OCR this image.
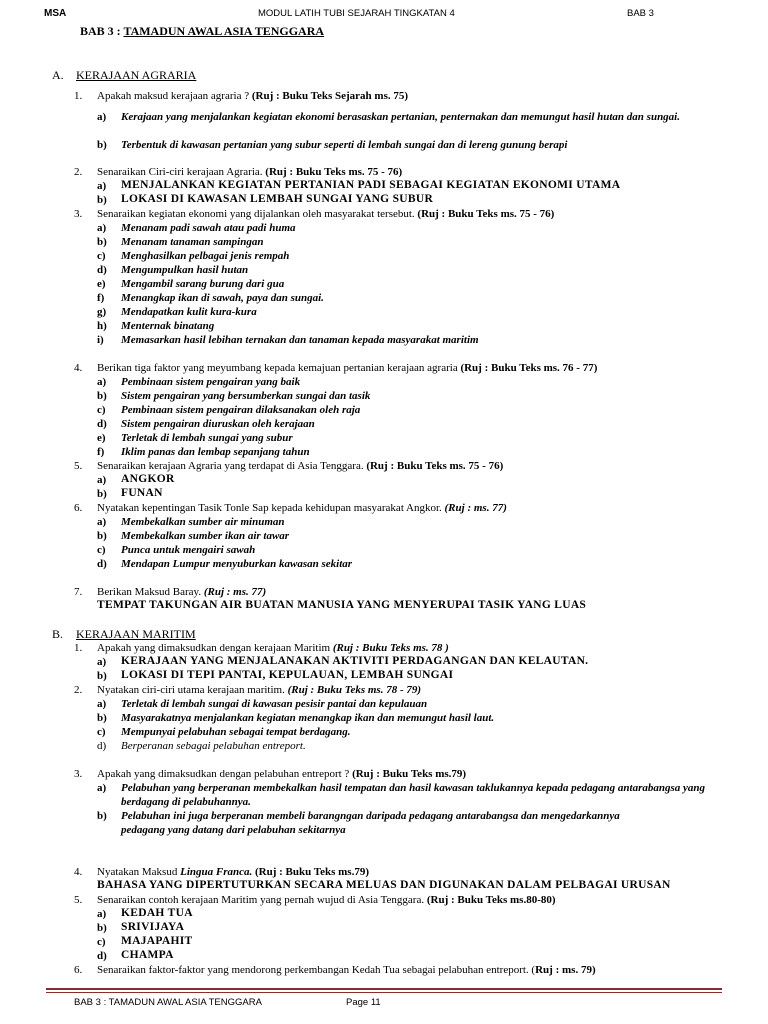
MSA	MODUL LATIH TUBI SEJARAH TINGKATAN 4	BAB 3
BAB 3 : TAMADUN AWAL ASIA TENGGARA
A. KERAJAAN AGRARIA
1. Apakah maksud kerajaan agraria ? (Ruj : Buku Teks Sejarah ms. 75)
a) Kerajaan yang menjalankan kegiatan ekonomi berasaskan pertanian, penternakan dan memungut hasil hutan dan sungai.
b) Terbentuk di kawasan pertanian yang subur seperti di lembah sungai dan di lereng gunung berapi
2. Senaraikan Ciri-ciri kerajaan Agraria. (Ruj : Buku Teks ms. 75 - 76)
a) MENJALANKAN KEGIATAN PERTANIAN PADI SEBAGAI KEGIATAN EKONOMI UTAMA
b) LOKASI DI KAWASAN LEMBAH SUNGAI YANG SUBUR
3. Senaraikan kegiatan ekonomi yang dijalankan oleh masyarakat tersebut. (Ruj : Buku Teks ms. 75 - 76)
a) Menanam padi sawah atau padi huma
b) Menanam tanaman sampingan
c) Menghasilkan pelbagai jenis rempah
d) Mengumpulkan hasil hutan
e) Mengambil sarang burung dari gua
f) Menangkap ikan di sawah, paya dan sungai.
g) Mendapatkan kulit kura-kura
h) Menternak binatang
i) Memasarkan hasil lebihan ternakan dan tanaman kepada masyarakat maritim
4. Berikan tiga faktor yang meyumbang kepada kemajuan pertanian kerajaan agraria (Ruj : Buku Teks ms. 76 - 77)
a) Pembinaan sistem pengairan yang baik
b) Sistem pengairan yang bersumberkan sungai dan tasik
c) Pembinaan sistem pengairan dilaksanakan oleh raja
d) Sistem pengairan diuruskan oleh kerajaan
e) Terletak di lembah sungai yang subur
f) Iklim panas dan lembap sepanjang tahun
5. Senaraikan kerajaan Agraria yang terdapat di Asia Tenggara. (Ruj : Buku Teks ms. 75 - 76)
a) ANGKOR
b) FUNAN
6. Nyatakan kepentingan Tasik Tonle Sap kepada kehidupan masyarakat Angkor. (Ruj : ms. 77)
a) Membekalkan sumber air minuman
b) Membekalkan sumber ikan air tawar
c) Punca untuk mengairi sawah
d) Mendapan Lumpur menyuburkan kawasan sekitar
7. Berikan Maksud Baray. (Ruj : ms. 77)
TEMPAT TAKUNGAN AIR BUATAN MANUSIA YANG MENYERUPAI TASIK YANG LUAS
B. KERAJAAN MARITIM
1. Apakah yang dimaksudkan dengan kerajaan Maritim (Ruj : Buku Teks ms. 78 )
a) KERAJAAN YANG MENJALANAKAN AKTIVITI PERDAGANGAN DAN KELAUTAN.
b) LOKASI DI TEPI PANTAI, KEPULAUAN, LEMBAH SUNGAI
2. Nyatakan ciri-ciri utama kerajaan maritim. (Ruj : Buku Teks ms. 78 - 79)
a) Terletak di lembah sungai di kawasan pesisir pantai dan kepulauan
b) Masyarakatnya menjalankan kegiatan menangkap ikan dan memungut hasil laut.
c) Mempunyai pelabuhan sebagai tempat berdagang.
d) Berperanan sebagai pelabuhan entreport.
3. Apakah yang dimaksudkan dengan pelabuhan entreport ? (Ruj : Buku Teks ms.79)
a) Pelabuhan yang berperanan membekalkan hasil tempatan dan hasil kawasan taklukannya kepada pedagang antarabangsa yang berdagang di pelabuhannya.
b) Pelabuhan ini juga berperanan membeli barangngan daripada pedagang antarabangsa dan mengedarkannya pedagang yang datang dari pelabuhan sekitarnya
4. Nyatakan Maksud Lingua Franca. (Ruj : Buku Teks ms.79)
BAHASA YANG DIPERTUTURKAN SECARA MELUAS DAN DIGUNAKAN DALAM PELBAGAI URUSAN
5. Senaraikan contoh kerajaan Maritim yang pernah wujud di Asia Tenggara. (Ruj : Buku Teks ms.80-80)
a) KEDAH TUA
b) SRIVIJAYA
c) MAJAPAHIT
d) CHAMPA
6. Senaraikan faktor-faktor yang mendorong perkembangan Kedah Tua sebagai pelabuhan entreport. (Ruj : ms. 79)
BAB 3 : TAMADUN AWAL ASIA TENGGARA	Page 11
